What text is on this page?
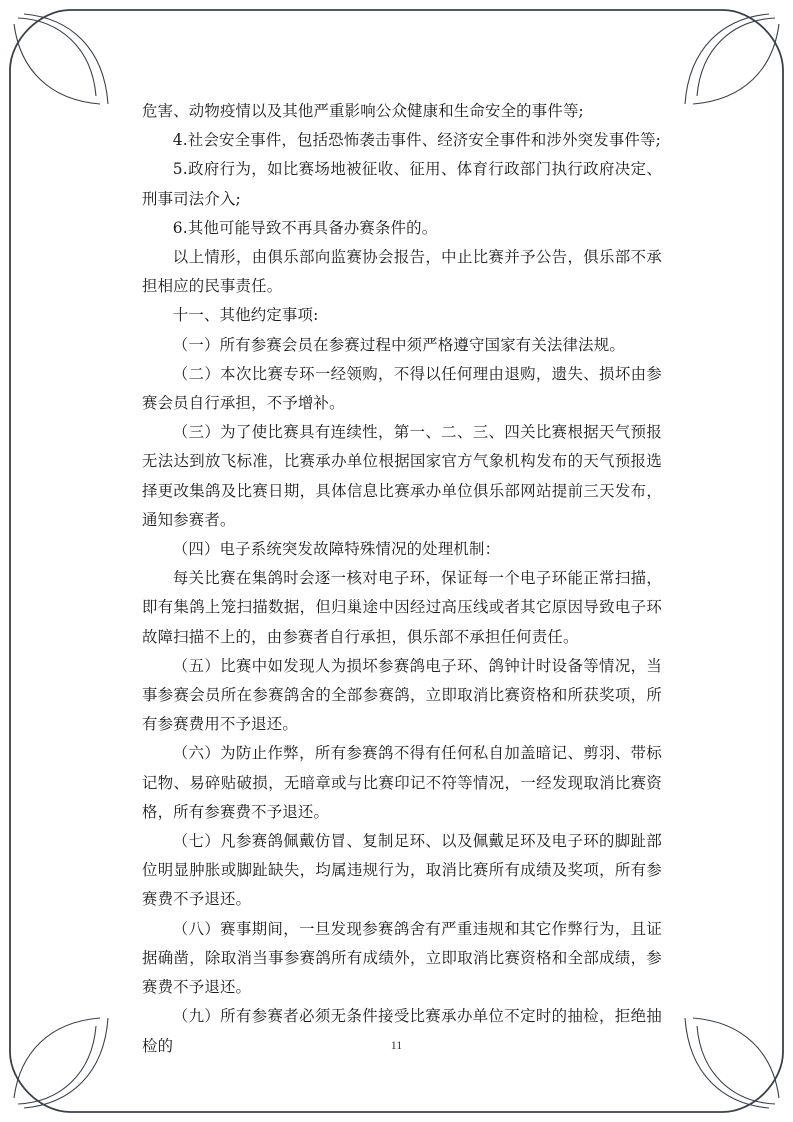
危害、动物疫情以及其他严重影响公众健康和生命安全的事件等;

4.社会安全事件，包括恐怖袭击事件、经济安全事件和涉外突发事件等;

5.政府行为，如比赛场地被征收、征用、体育行政部门执行政府决定、刑事司法介入;

6.其他可能导致不再具备办赛条件的。

以上情形，由俱乐部向监赛协会报告，中止比赛并予公告，俱乐部不承担相应的民事责任。

十一、其他约定事项:

（一）所有参赛会员在参赛过程中须严格遵守国家有关法律法规。

（二）本次比赛专环一经领购，不得以任何理由退购，遗失、损坏由参赛会员自行承担，不予增补。

（三）为了使比赛具有连续性，第一、二、三、四关比赛根据天气预报无法达到放飞标准，比赛承办单位根据国家官方气象机构发布的天气预报选择更改集鸽及比赛日期，具体信息比赛承办单位俱乐部网站提前三天发布，通知参赛者。

（四）电子系统突发故障特殊情况的处理机制：

每关比赛在集鸽时会逐一核对电子环，保证每一个电子环能正常扫描，即有集鸽上笼扫描数据，但归巢途中因经过高压线或者其它原因导致电子环故障扫描不上的，由参赛者自行承担，俱乐部不承担任何责任。

（五）比赛中如发现人为损坏参赛鸽电子环、鸽钟计时设备等情况，当事参赛会员所在参赛鸽舍的全部参赛鸽，立即取消比赛资格和所获奖项，所有参赛费用不予退还。

（六）为防止作弊，所有参赛鸽不得有任何私自加盖暗记、剪羽、带标记物、易碎贴破损，无暗章或与比赛印记不符等情况，一经发现取消比赛资格，所有参赛费不予退还。

（七）凡参赛鸽佩戴仿冒、复制足环、以及佩戴足环及电子环的脚趾部位明显肿胀或脚趾缺失，均属违规行为，取消比赛所有成绩及奖项，所有参赛费不予退还。

（八）赛事期间，一旦发现参赛鸽舍有严重违规和其它作弊行为，且证据确凿，除取消当事参赛鸽所有成绩外，立即取消比赛资格和全部成绩，参赛费不予退还。

（九）所有参赛者必须无条件接受比赛承办单位不定时的抽检，拒绝抽检的	11
